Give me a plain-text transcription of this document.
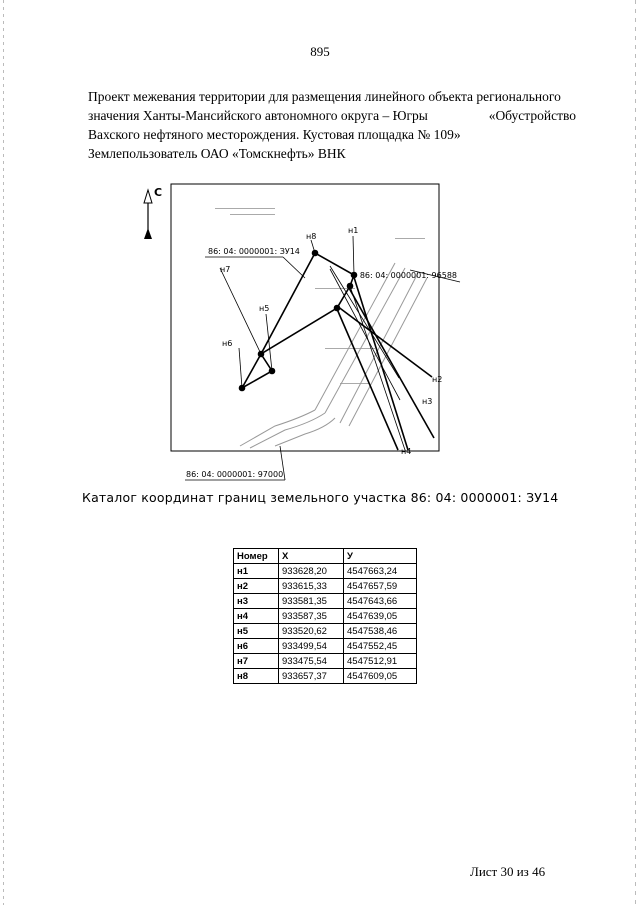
895
Проект межевания территории для размещения линейного объекта регионального
значения Ханты-Мансийского автономного округа – Югры	«Обустройство
Вахского нефтяного месторождения. Кустовая площадка № 109»
Землепользователь ОАО «Томскнефть» ВНК
С
н1
н2
н3
н4
н5
н6
н7
н8
86: 04: 0000001: ЗУ14
86: 04: 0000001: 96588
86: 04: 0000001: 97000
Каталог координат границ земельного участка 86: 04: 0000001: ЗУ14
Номер	X	У
н1	933628,20	4547663,24
н2	933615,33	4547657,59
н3	933581,35	4547643,66
н4	933587,35	4547639,05
н5	933520,62	4547538,46
н6	933499,54	4547552,45
н7	933475,54	4547512,91
н8	933657,37	4547609,05
Лист 30 из 46
